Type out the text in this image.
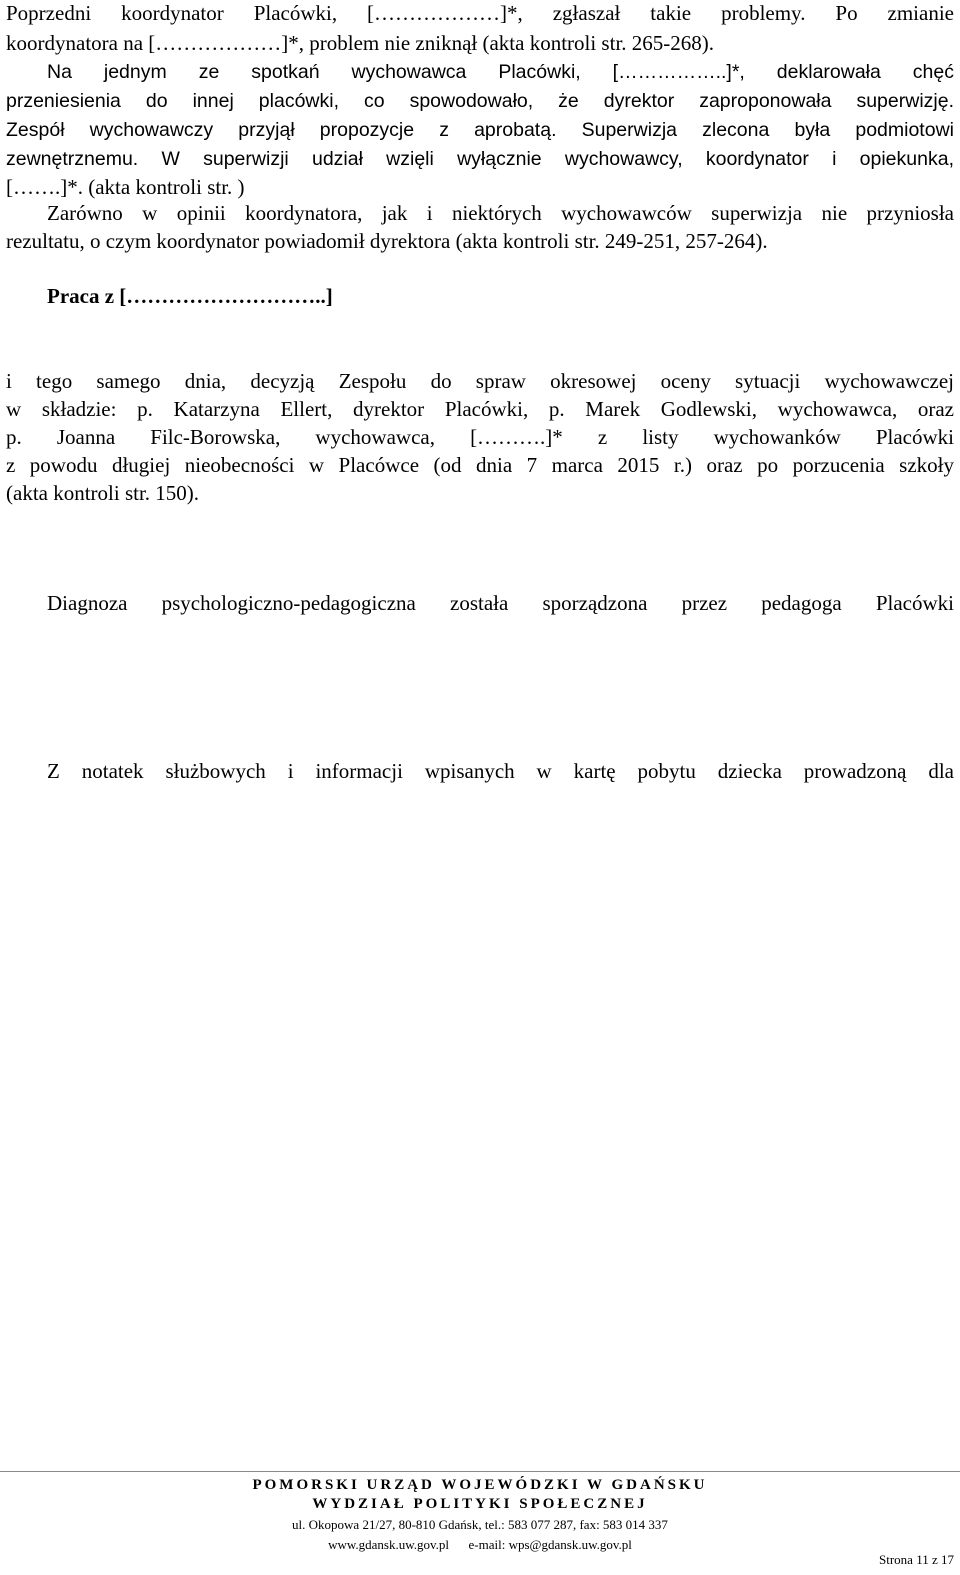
Poprzedni koordynator Placówki, [………………]*, zgłaszał takie problemy. Po zmianie
koordynatora na [………………]*, problem nie zniknął (akta kontroli str. 265-268).
Na jednym ze spotkań wychowawca Placówki, [……………..]*, deklarowała chęć
przeniesienia do innej placówki, co spowodowało, że dyrektor zaproponowała superwizję.
Zespół wychowawczy przyjął propozycje z aprobatą. Superwizja zlecona była podmiotowi
zewnętrznemu. W superwizji udział wzięli wyłącznie wychowawcy, koordynator i opiekunka,
[…….]*. (akta kontroli str. )
Zarówno w opinii koordynatora, jak i niektórych wychowawców superwizja nie przyniosła
rezultatu, o czym koordynator powiadomił dyrektora (akta kontroli str. 249-251, 257-264).
Praca z [………………………..]
i tego samego dnia, decyzją Zespołu do spraw okresowej oceny sytuacji wychowawczej
w składzie: p. Katarzyna Ellert, dyrektor Placówki, p. Marek Godlewski, wychowawca, oraz
p. Joanna Filc-Borowska, wychowawca, [……….]* z listy wychowanków Placówki
z powodu długiej nieobecności w Placówce (od dnia 7 marca 2015 r.) oraz po porzucenia szkoły
(akta kontroli str. 150).
Diagnoza psychologiczno-pedagogiczna została sporządzona przez pedagoga Placówki
Z notatek służbowych i informacji wpisanych w kartę pobytu dziecka prowadzoną dla
POMORSKI URZĄD WOJEWÓDZKI W GDAŃSKU
WYDZIAŁ POLITYKI SPOŁECZNEJ
ul. Okopowa 21/27, 80-810 Gdańsk, tel.: 583 077 287, fax: 583 014 337
www.gdansk.uw.gov.pl      e-mail: wps@gdansk.uw.gov.pl
Strona 11 z 17
